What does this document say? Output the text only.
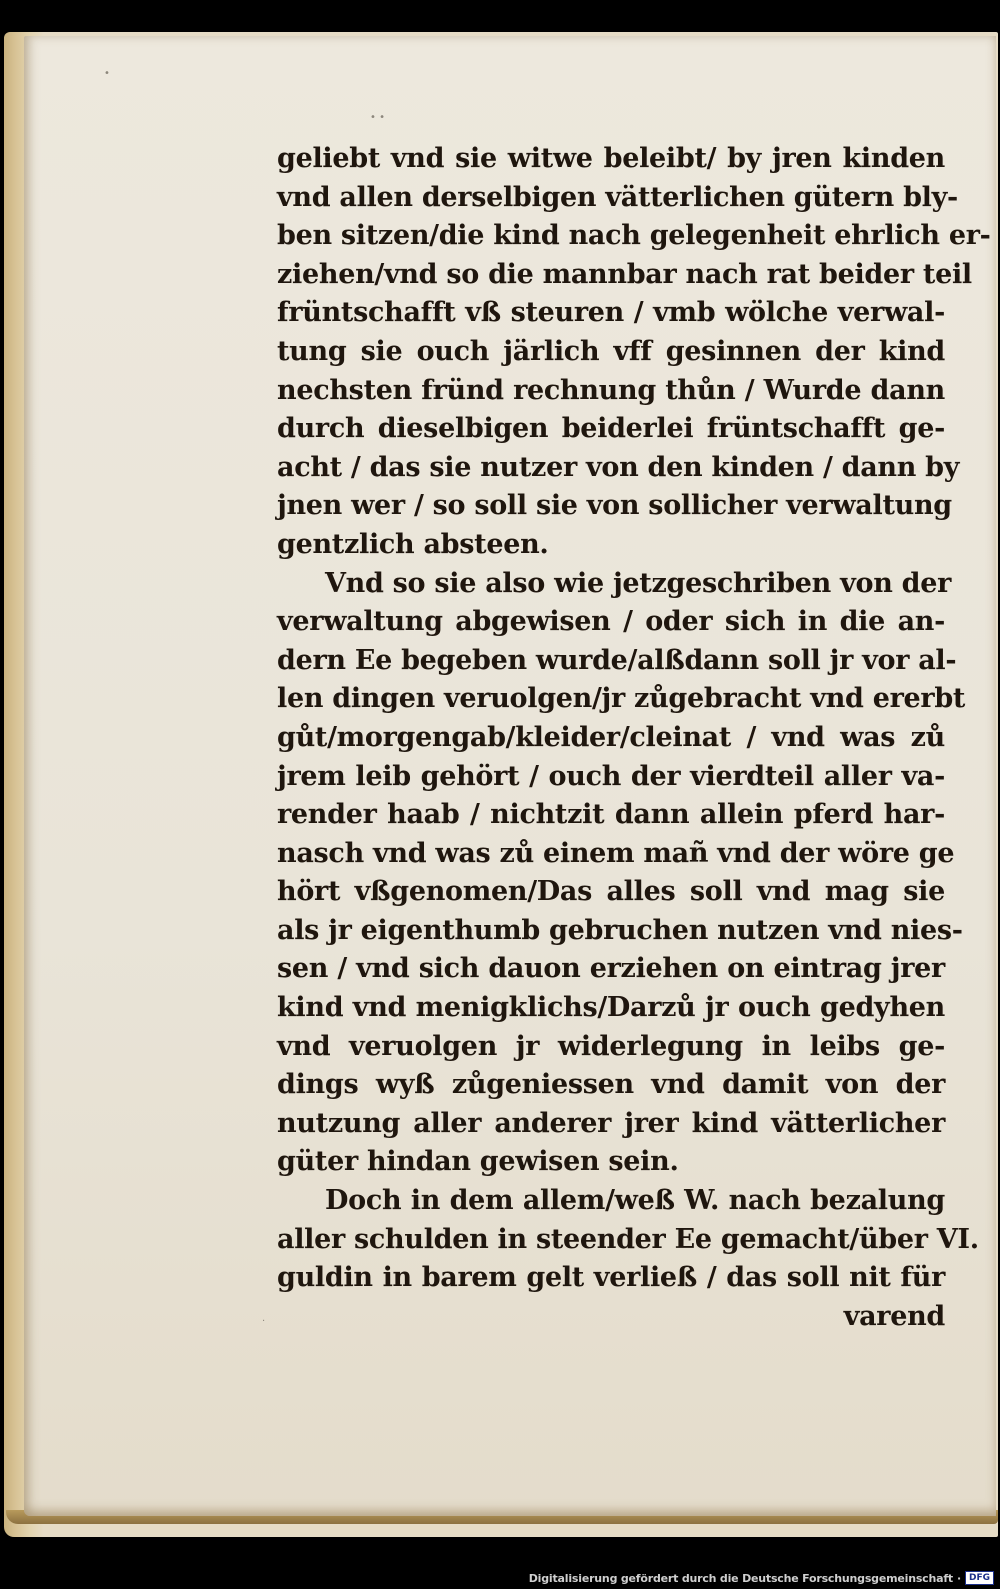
•
• •
·
geliebt vnd sie witwe beleibt/ by jren kinden
vnd allen derselbigen vätterlichen gütern bly-
ben sitzen/die kind nach gelegenheit ehrlich er-
ziehen/vnd so die mannbar nach rat beider teil
früntschafft vß steuren / vmb wölche verwal-
tung sie ouch järlich vff gesinnen der kind
nechsten fründ rechnung thůn / Wurde dann
durch dieselbigen beiderlei früntschafft ge-
acht / das sie nutzer von den kinden / dann by
jnen wer / so soll sie von sollicher verwaltung
gentzlich absteen.
Vnd so sie also wie jetzgeschriben von der
verwaltung abgewisen / oder sich in die an-
dern Ee begeben wurde/alßdann soll jr vor al-
len dingen veruolgen/jr zůgebracht vnd ererbt
gůt/morgengab/kleider/cleinat / vnd was zů
jrem leib gehört / ouch der vierdteil aller va-
render haab / nichtzit dann allein pferd har-
nasch vnd was zů einem mañ vnd der wöre ge
hört vßgenomen/Das alles soll vnd mag sie
als jr eigenthumb gebruchen nutzen vnd nies-
sen / vnd sich dauon erziehen on eintrag jrer
kind vnd menigklichs/Darzů jr ouch gedyhen
vnd veruolgen jr widerlegung in leibs ge-
dings wyß zůgeniessen vnd damit von der
nutzung aller anderer jrer kind vätterlicher
güter hindan gewisen sein.
Doch in dem allem/weß W. nach bezalung
aller schulden in steender Ee gemacht/über VI.
guldin in barem gelt verließ / das soll nit für
varend
Digitalisierung gefördert durch die Deutsche Forschungsgemeinschaft · DFG
